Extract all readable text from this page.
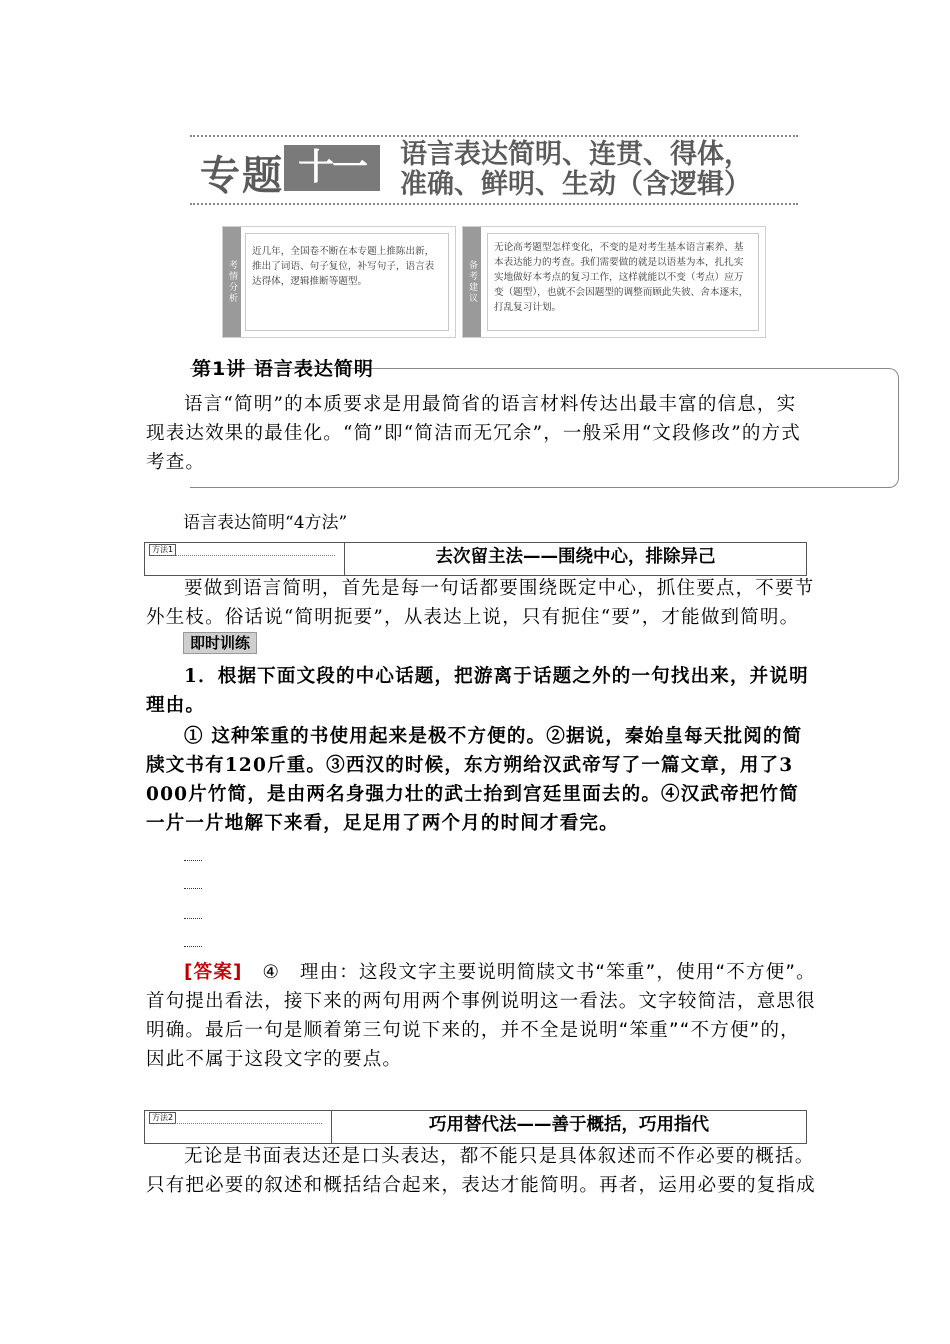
专题 十一	语言表达简明、连贯、得体，
准确、鲜明、生动（含逻辑）
考情分析
近几年，全国卷不断在本专题上推陈出新，推出了词语、句子复位，补写句子，语言表达得体，逻辑推断等题型。	备考建议
无论高考题型怎样变化，不变的是对考生基本语言素养、基本表达能力的考查。我们需要做的就是以语基为本，扎扎实实地做好本考点的复习工作，这样就能以不变（考点）应万变（题型），也就不会因题型的调整而顾此失彼、舍本逐末，打乱复习计划。
第1讲 语言表达简明
语言“简明”的本质要求是用最简省的语言材料传达出最丰富的信息，实现表达效果的最佳化。“简”即“简洁而无冗余”，一般采用“文段修改”的方式考查。
语言表达简明“4方法”
方法1	去次留主法——围绕中心，排除异己
要做到语言简明，首先是每一句话都要围绕既定中心，抓住要点，不要节外生枝。俗话说“简明扼要”，从表达上说，只有扼住“要”，才能做到简明。
即时训练
1．根据下面文段的中心话题，把游离于话题之外的一句找出来，并说明理由。
① 这种笨重的书使用起来是极不方便的。②据说，秦始皇每天批阅的简牍文书有120斤重。③西汉的时候，东方朔给汉武帝写了一篇文章，用了3 000片竹简，是由两名身强力壮的武士抬到宫廷里面去的。④汉武帝把竹简一片一片地解下来看，足足用了两个月的时间才看完。
[答案]　 ④　理由：这段文字主要说明简牍文书“笨重”，使用“不方便”。首句提出看法，接下来的两句用两个事例说明这一看法。文字较简洁，意思很明确。最后一句是顺着第三句说下来的，并不全是说明“笨重”“不方便”的，因此不属于这段文字的要点。
方法2	巧用替代法——善于概括，巧用指代
无论是书面表达还是口头表达，都不能只是具体叙述而不作必要的概括。只有把必要的叙述和概括结合起来，表达才能简明。再者，运用必要的复指成
